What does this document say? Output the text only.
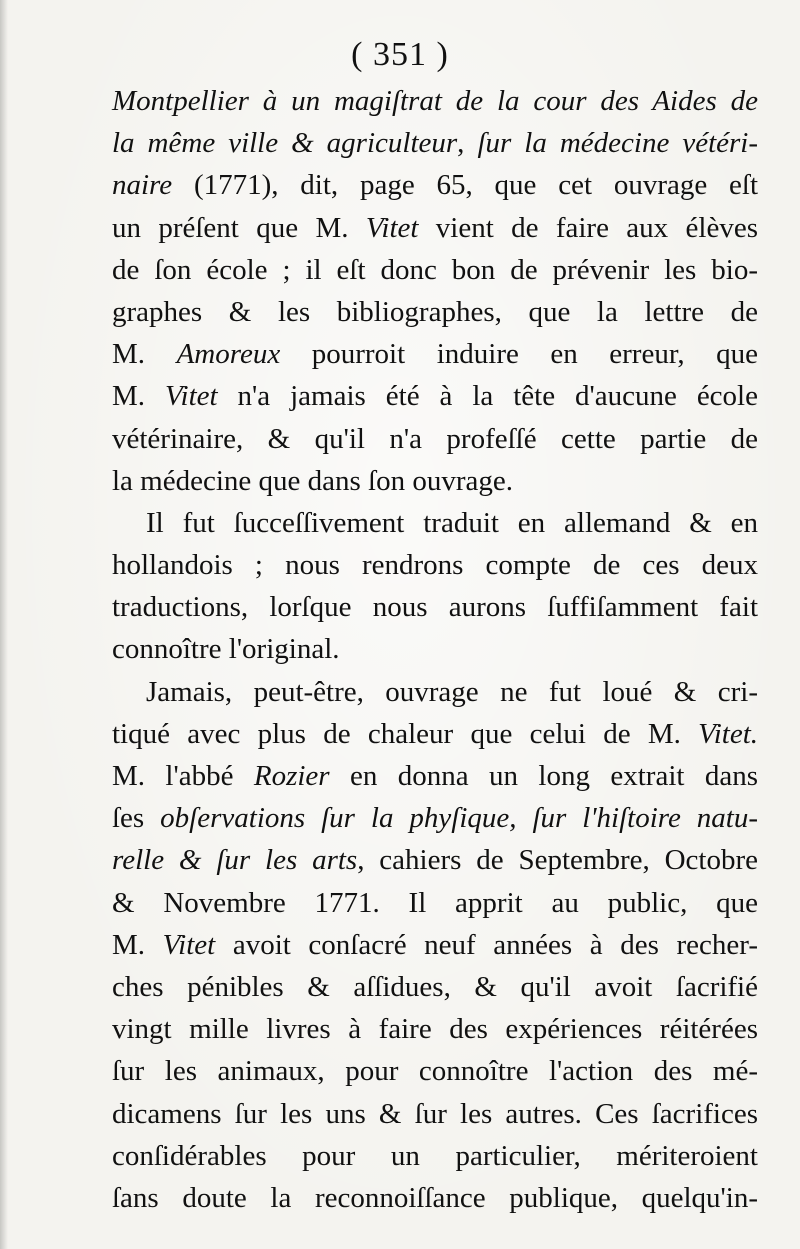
( 351 )
Montpellier à un magiſtrat de la cour des Aides de
la même ville & agriculteur, ſur la médecine vétéri-
naire (1771), dit, page 65, que cet ouvrage eſt
un préſent que M. Vitet vient de faire aux élèves
de ſon école ; il eſt donc bon de prévenir les bio-
graphes & les bibliographes, que la lettre de
M. Amoreux pourroit induire en erreur, que
M. Vitet n'a jamais été à la tête d'aucune école
vétérinaire, & qu'il n'a profeſſé cette partie de
la médecine que dans ſon ouvrage.
Il fut ſucceſſivement traduit en allemand & en
hollandois ; nous rendrons compte de ces deux
traductions, lorſque nous aurons ſuffiſamment fait
connoître l'original.
Jamais, peut-être, ouvrage ne fut loué & cri-
tiqué avec plus de chaleur que celui de M. Vitet.
M. l'abbé Rozier en donna un long extrait dans
ſes obſervations ſur la phyſique, ſur l'hiſtoire natu-
relle & ſur les arts, cahiers de Septembre, Octobre
& Novembre 1771. Il apprit au public, que
M. Vitet avoit conſacré neuf années à des recher-
ches pénibles & aſſidues, & qu'il avoit ſacrifié
vingt mille livres à faire des expériences réitérées
ſur les animaux, pour connoître l'action des mé-
dicamens ſur les uns & ſur les autres. Ces ſacrifices
conſidérables pour un particulier, mériteroient
ſans doute la reconnoiſſance publique, quelqu'in-
